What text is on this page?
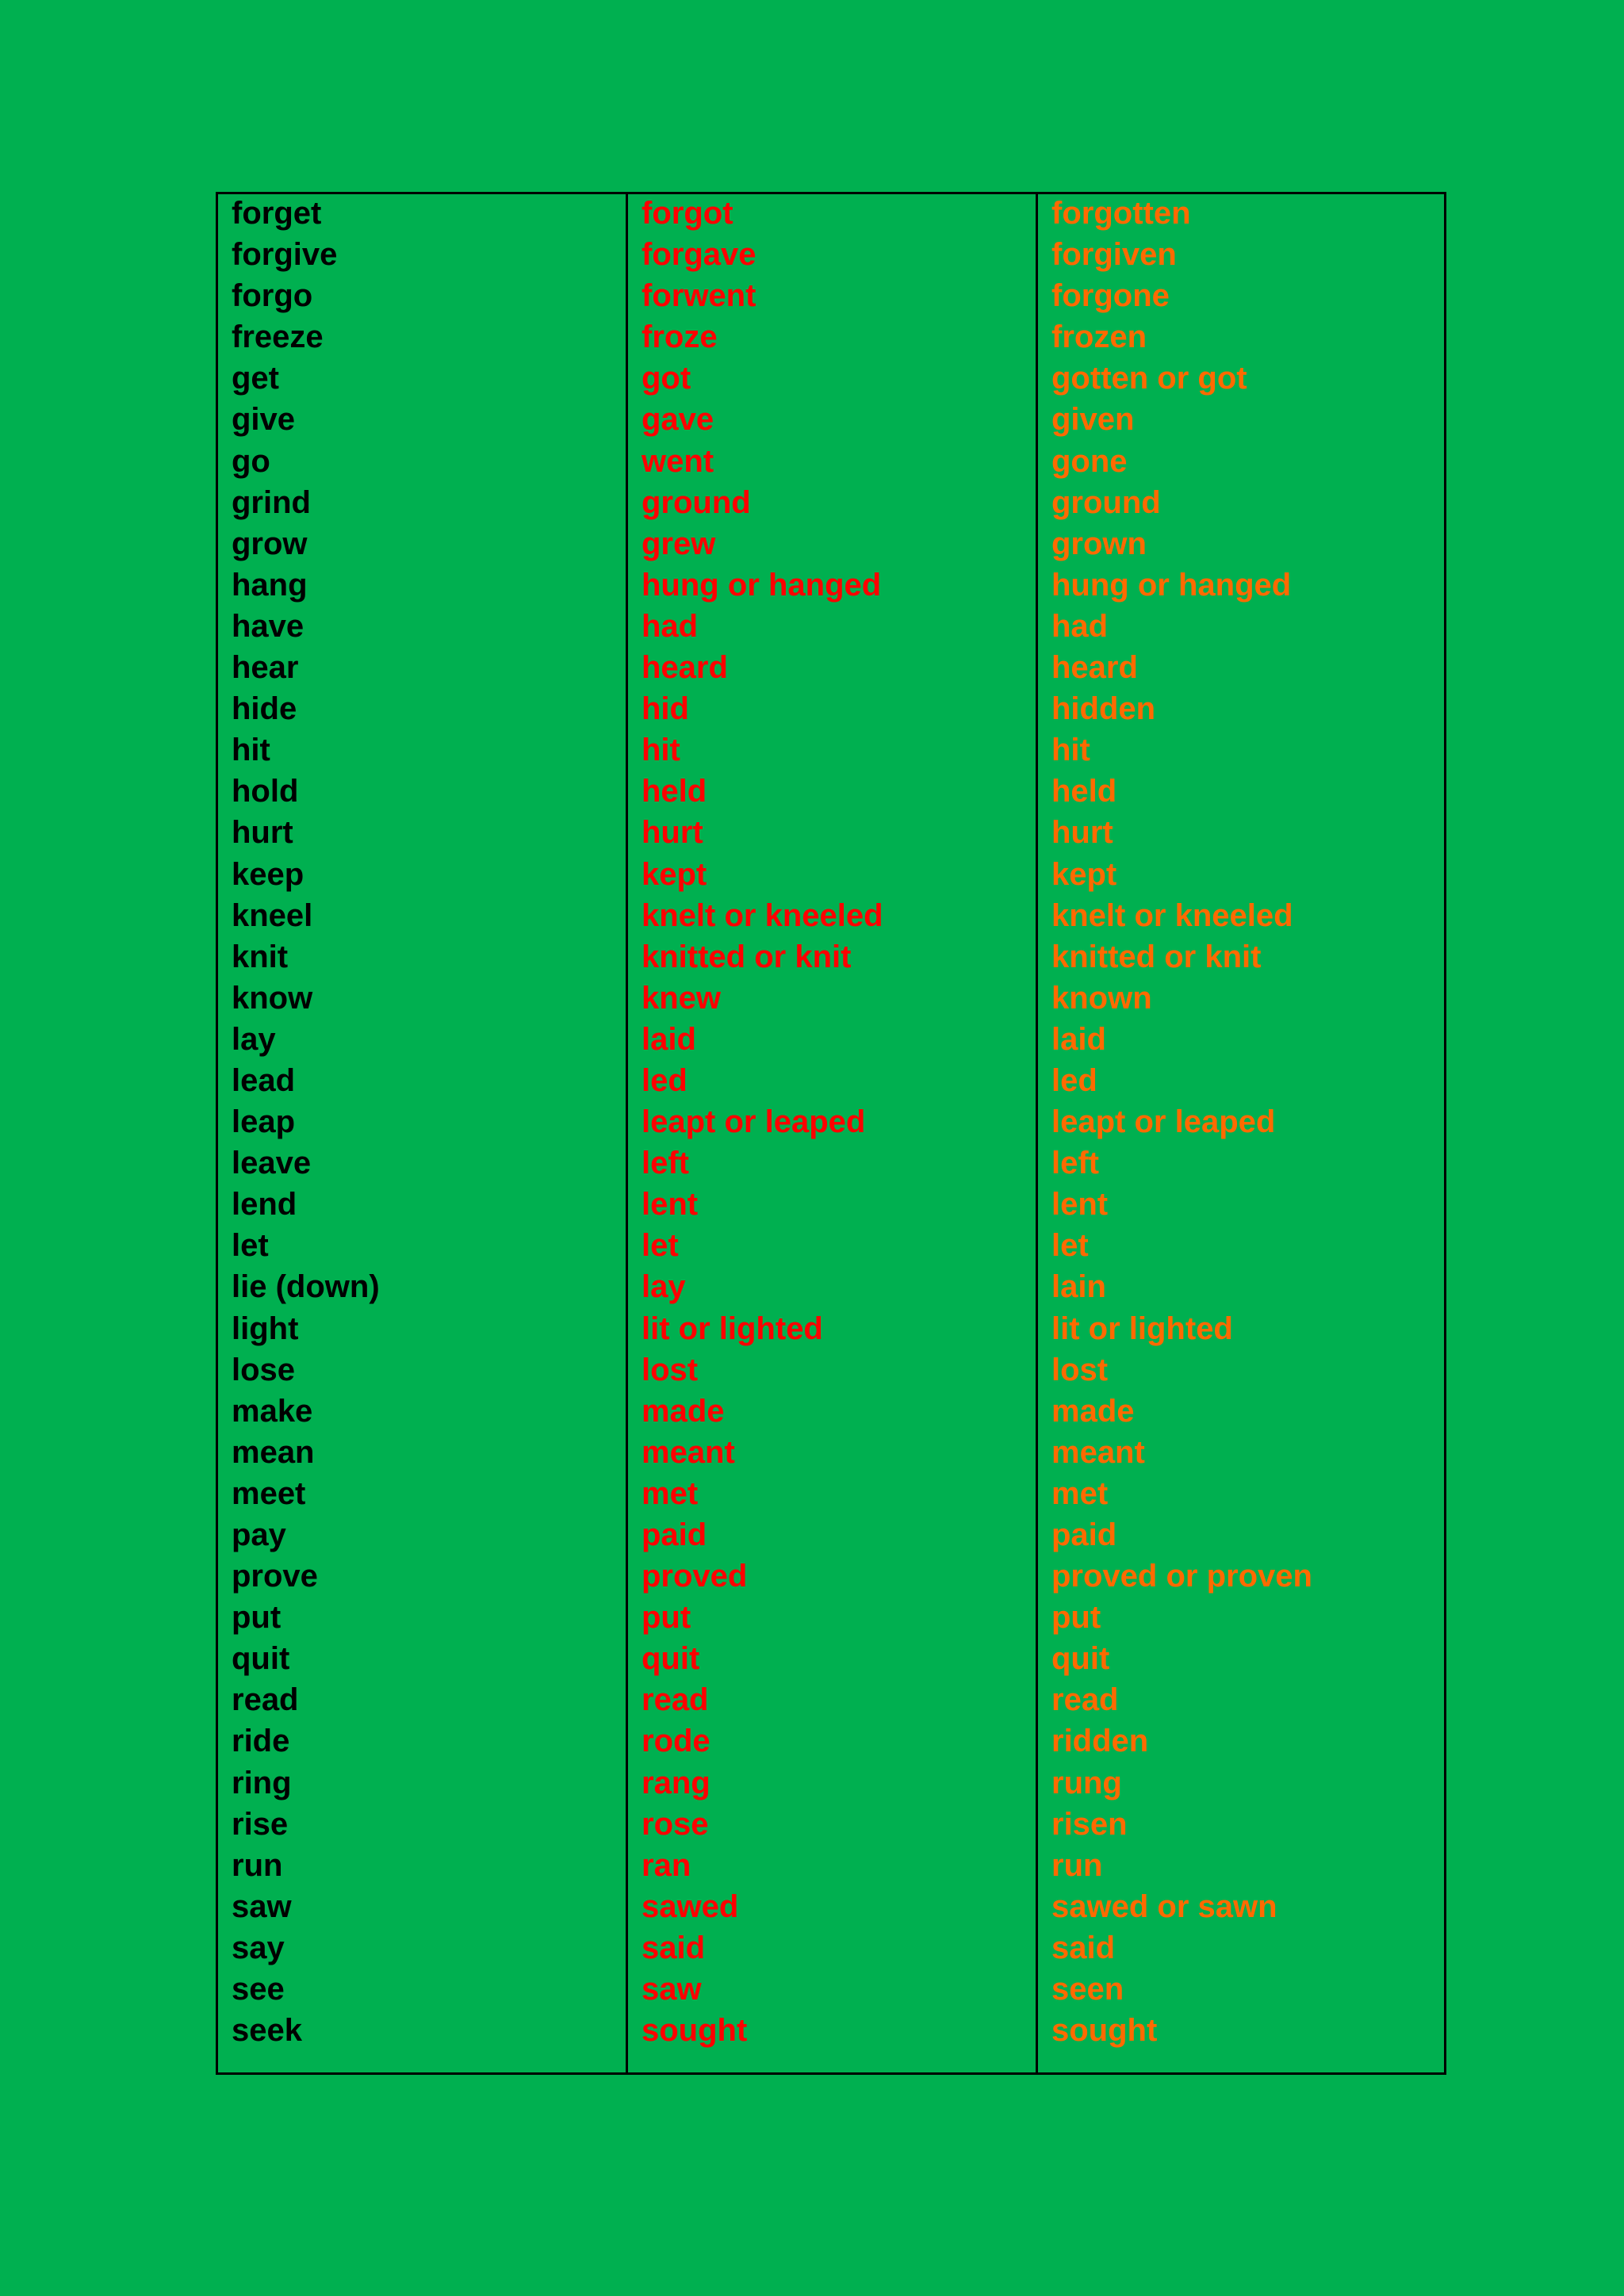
forget
forgive
forgo
freeze
get
give
go
grind
grow
hang
have
hear
hide
hit
hold
hurt
keep
kneel
knit
know
lay
lead
leap
leave
lend
let
lie (down)
light
lose
make
mean
meet
pay
prove
put
quit
read
ride
ring
rise
run
saw
say
see
seek
forgot
forgave
forwent
froze
got
gave
went
ground
grew
hung or hanged
had
heard
hid
hit
held
hurt
kept
knelt or kneeled
knitted or knit
knew
laid
led
leapt or leaped
left
lent
let
lay
lit or lighted
lost
made
meant
met
paid
proved
put
quit
read
rode
rang
rose
ran
sawed
said
saw
sought
forgotten
forgiven
forgone
frozen
gotten or got
given
gone
ground
grown
hung or hanged
had
heard
hidden
hit
held
hurt
kept
knelt or kneeled
knitted or knit
known
laid
led
leapt or leaped
left
lent
let
lain
lit or lighted
lost
made
meant
met
paid
proved or proven
put
quit
read
ridden
rung
risen
run
sawed or sawn
said
seen
sought
